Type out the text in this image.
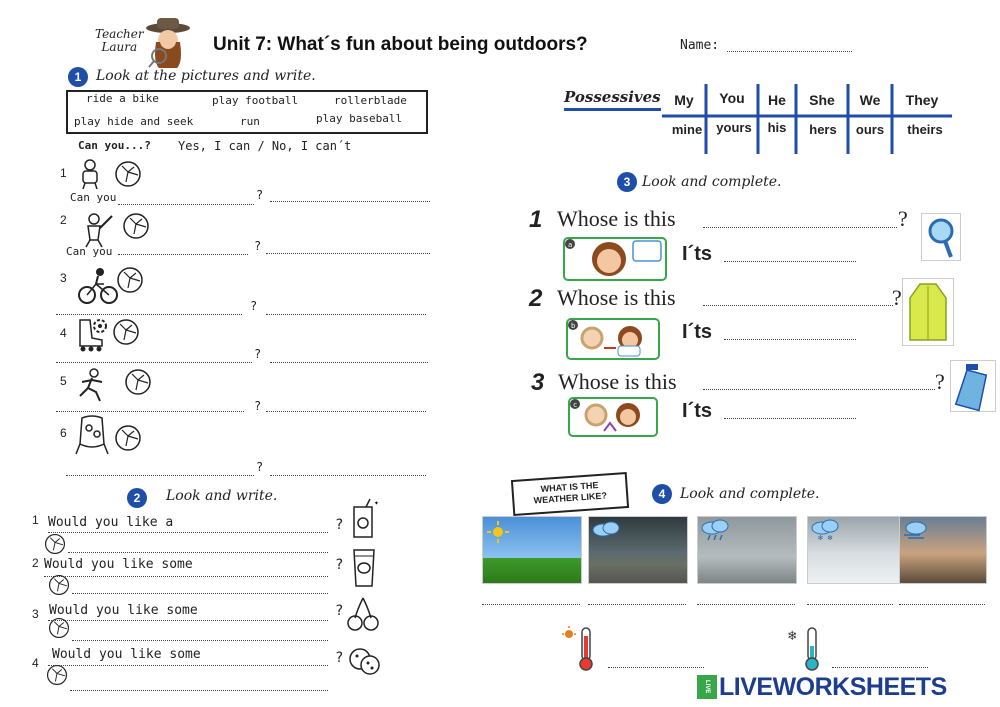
Teacher
Laura	Unit 7: What´s fun about being outdoors?	Name:
1	Look at the pictures and write.
ride a bike	play football	rollerblade
play hide and seek	run	play baseball
Can you...? Yes, I can / No, I can´t
1
Can you	?
2
Can you	?
3
?
4
?
5
?
6
?
2	Look and write.
1 Would you like a	?
✦
2 Would you like some	?
3 Would you like some	?
4
Would you like some	?
Possessives My	You	He	She	We	They
mine	yours	his	hers	ours	theirs
3 Look and complete.
1 Whose is this	?
a	I´ts
2 Whose is this	?
b	I´ts
3 Whose is this	?
c	I´ts
WHAT IS THE WEATHER LIKE?	4	Look and complete.
✻ ✻
❄
LIVE LIVEWORKSHEETS
